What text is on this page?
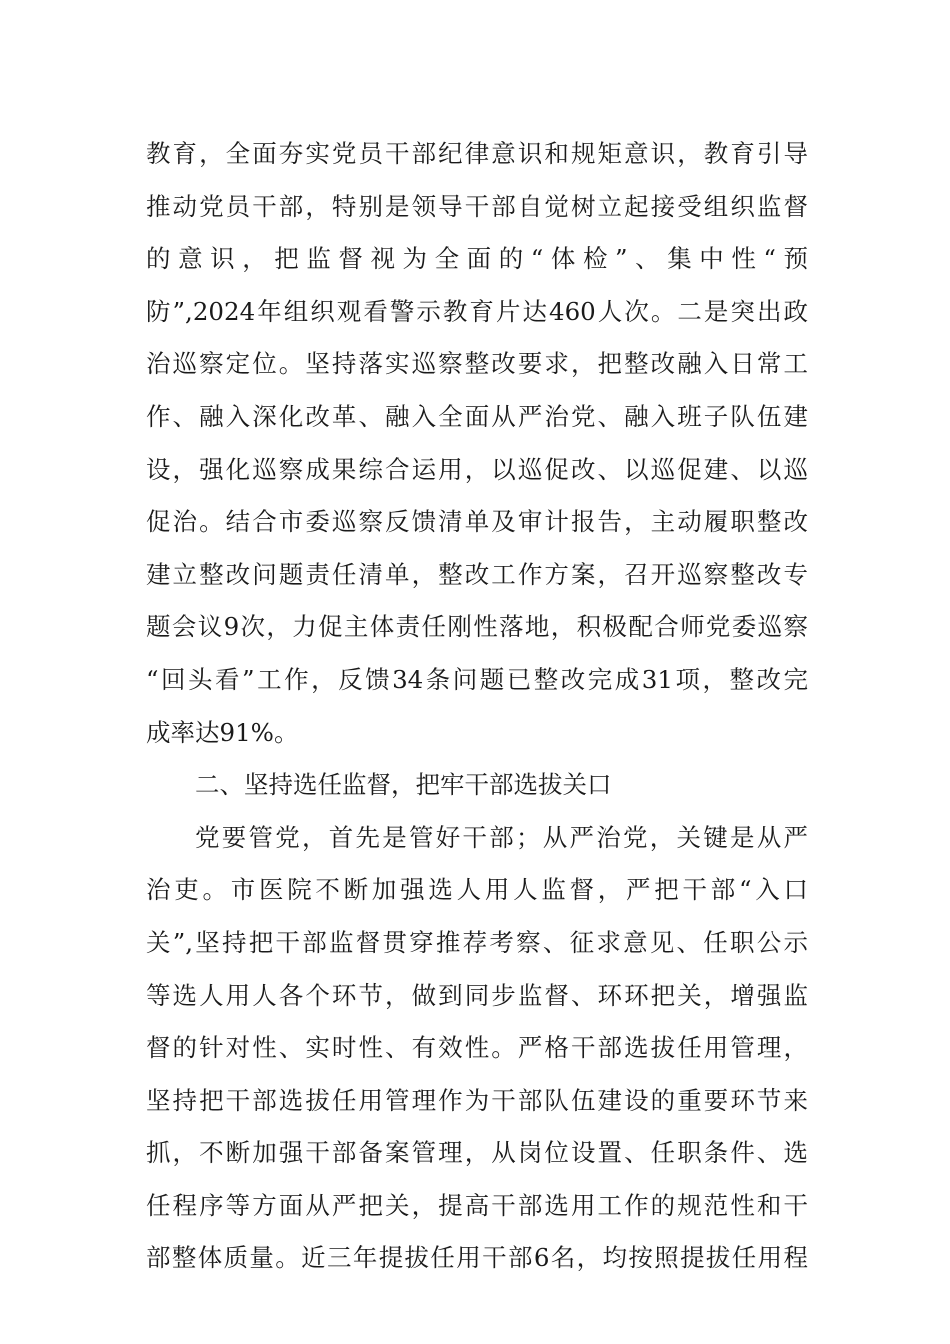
教育，全面夯实党员干部纪律意识和规矩意识，教育引导
推动党员干部，特别是领导干部自觉树立起接受组织监督
的意识，把监督视为全面的“体检”、集中性“预
防”,2024年组织观看警示教育片达460人次。二是突出政
治巡察定位。坚持落实巡察整改要求，把整改融入日常工
作、融入深化改革、融入全面从严治党、融入班子队伍建
设，强化巡察成果综合运用，以巡促改、以巡促建、以巡
促治。结合市委巡察反馈清单及审计报告，主动履职整改
建立整改问题责任清单，整改工作方案，召开巡察整改专
题会议9次，力促主体责任刚性落地，积极配合师党委巡察
“回头看”工作，反馈34条问题已整改完成31项，整改完
成率达91%。
二、坚持选任监督，把牢干部选拔关口
党要管党，首先是管好干部；从严治党，关键是从严
治吏。市医院不断加强选人用人监督，严把干部“入口
关”,坚持把干部监督贯穿推荐考察、征求意见、任职公示
等选人用人各个环节，做到同步监督、环环把关，增强监
督的针对性、实时性、有效性。严格干部选拔任用管理，
坚持把干部选拔任用管理作为干部队伍建设的重要环节来
抓，不断加强干部备案管理，从岗位设置、任职条件、选
任程序等方面从严把关，提高干部选用工作的规范性和干
部整体质量。近三年提拔任用干部6名，均按照提拔任用程
